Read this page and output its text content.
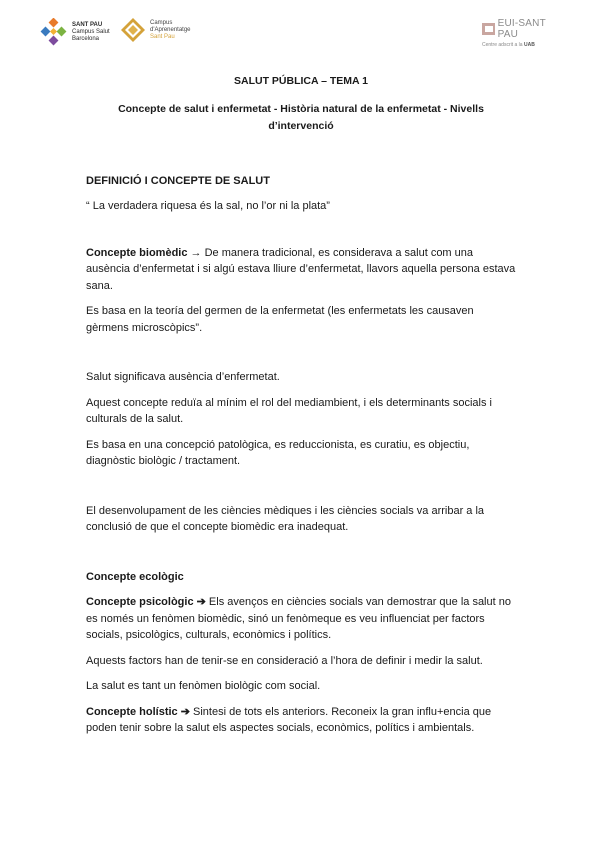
SANT PAU
Campus Salut
Barcelona
Campus
d'Aprenentatge
Sant Pau
EUI-SANT PAU
Centre adscrit a la UAB
SALUT PÚBLICA – TEMA 1
Concepte de salut i enfermetat - Història natural de la enfermetat - Nivells d’intervenció
DEFINICIÓ I CONCEPTE DE SALUT

“ La verdadera riquesa és la sal, no l’or ni la plata”

Concepte biomèdic → De manera tradicional, es considerava a salut com una ausència d’enfermetat i si algú estava lliure d’enfermetat, llavors aquella persona estava sana.

Es basa en la teoría del germen de la enfermetat (les enfermetats les causaven gèrmens microscòpics”.

Salut significava ausència d’enfermetat.

Aquest concepte reduïa al mínim el rol del mediambient, i els determinants socials i culturals de la salut.

Es basa en una concepció patològica, es reduccionista, es curatiu, es objectiu, diagnòstic biològic / tractament.

El desenvolupament de les ciències mèdiques i les ciències socials va arribar a la conclusió de que el concepte biomèdic era inadequat.

Concepte ecològic

Concepte psicològic ➔ Els avenços en ciències socials van demostrar que la salut no es només un fenòmen biomèdic, sinó un fenòmeque es veu influenciat per factors socials, psicològics, culturals, econòmics i polítics.

Aquests factors han de tenir-se en consideració a l’hora de definir i medir la salut.

La salut es tant un fenòmen biològic com social.

Concepte holístic ➔ Sintesi de tots els anteriors. Reconeix la gran influ+encia que poden tenir sobre la salut els aspectes socials, econòmics, polítics i ambientals.
